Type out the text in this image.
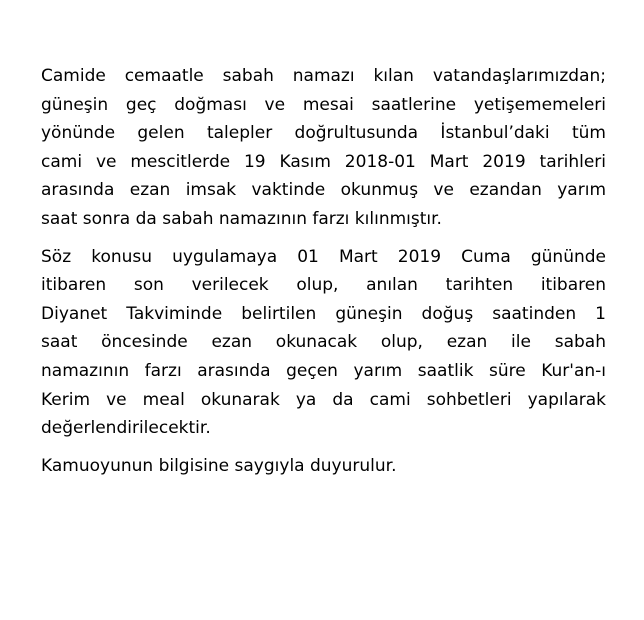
Camide cemaatle sabah namazı kılan vatandaşlarımızdan;
güneşin geç doğması ve mesai saatlerine yetişememeleri
yönünde gelen talepler doğrultusunda İstanbul’daki tüm
cami ve mescitlerde 19 Kasım 2018-01 Mart 2019 tarihleri
arasında ezan imsak vaktinde okunmuş ve ezandan yarım
saat sonra da sabah namazının farzı kılınmıştır.
Söz konusu uygulamaya 01 Mart 2019 Cuma gününde
itibaren son verilecek olup, anılan tarihten itibaren
Diyanet Takviminde belirtilen güneşin doğuş saatinden 1
saat öncesinde ezan okunacak olup, ezan ile sabah
namazının farzı arasında geçen yarım saatlik süre Kur'an-ı
Kerim ve meal okunarak ya da cami sohbetleri yapılarak
değerlendirilecektir.
Kamuoyunun bilgisine saygıyla duyurulur.
